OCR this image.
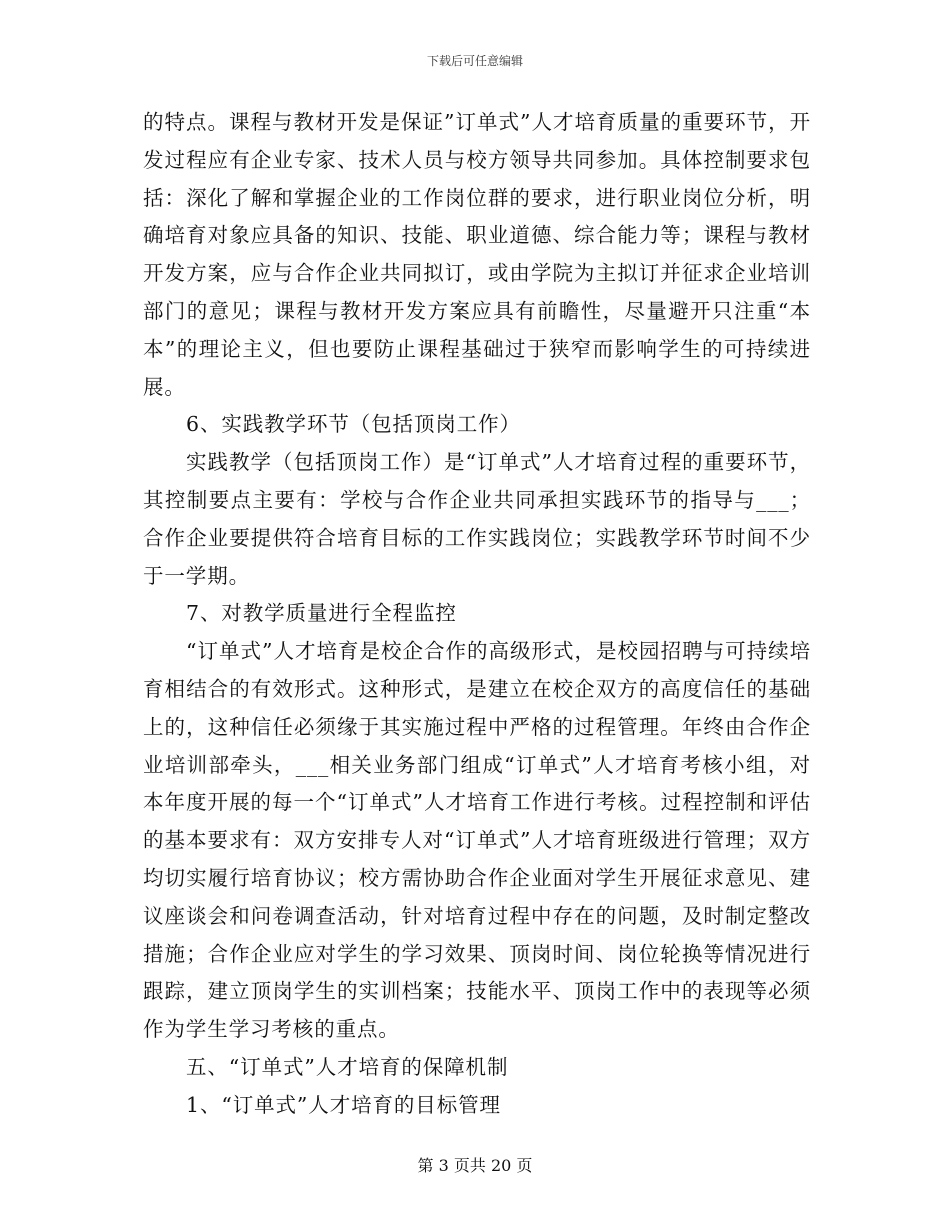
下载后可任意编辑

的特点。课程与教材开发是保证”订单式”人才培育质量的重要环节，开发过程应有企业专家、技术人员与校方领导共同参加。具体控制要求包括：深化了解和掌握企业的工作岗位群的要求，进行职业岗位分析，明确培育对象应具备的知识、技能、职业道德、综合能力等；课程与教材开发方案，应与合作企业共同拟订，或由学院为主拟订并征求企业培训部门的意见；课程与教材开发方案应具有前瞻性，尽量避开只注重“本本”的理论主义，但也要防止课程基础过于狭窄而影响学生的可持续进展。

6、实践教学环节（包括顶岗工作）

实践教学（包括顶岗工作）是“订单式”人才培育过程的重要环节，其控制要点主要有：学校与合作企业共同承担实践环节的指导与___；合作企业要提供符合培育目标的工作实践岗位；实践教学环节时间不少于一学期。

7、对教学质量进行全程监控

“订单式”人才培育是校企合作的高级形式，是校园招聘与可持续培育相结合的有效形式。这种形式，是建立在校企双方的高度信任的基础上的，这种信任必须缘于其实施过程中严格的过程管理。年终由合作企业培训部牵头，___相关业务部门组成“订单式”人才培育考核小组，对本年度开展的每一个“订单式”人才培育工作进行考核。过程控制和评估的基本要求有：双方安排专人对“订单式”人才培育班级进行管理；双方均切实履行培育协议；校方需协助合作企业面对学生开展征求意见、建议座谈会和问卷调查活动，针对培育过程中存在的问题，及时制定整改措施；合作企业应对学生的学习效果、顶岗时间、岗位轮换等情况进行跟踪，建立顶岗学生的实训档案；技能水平、顶岗工作中的表现等必须作为学生学习考核的重点。

五、“订单式”人才培育的保障机制

1、“订单式”人才培育的目标管理

第 3 页共 20 页
